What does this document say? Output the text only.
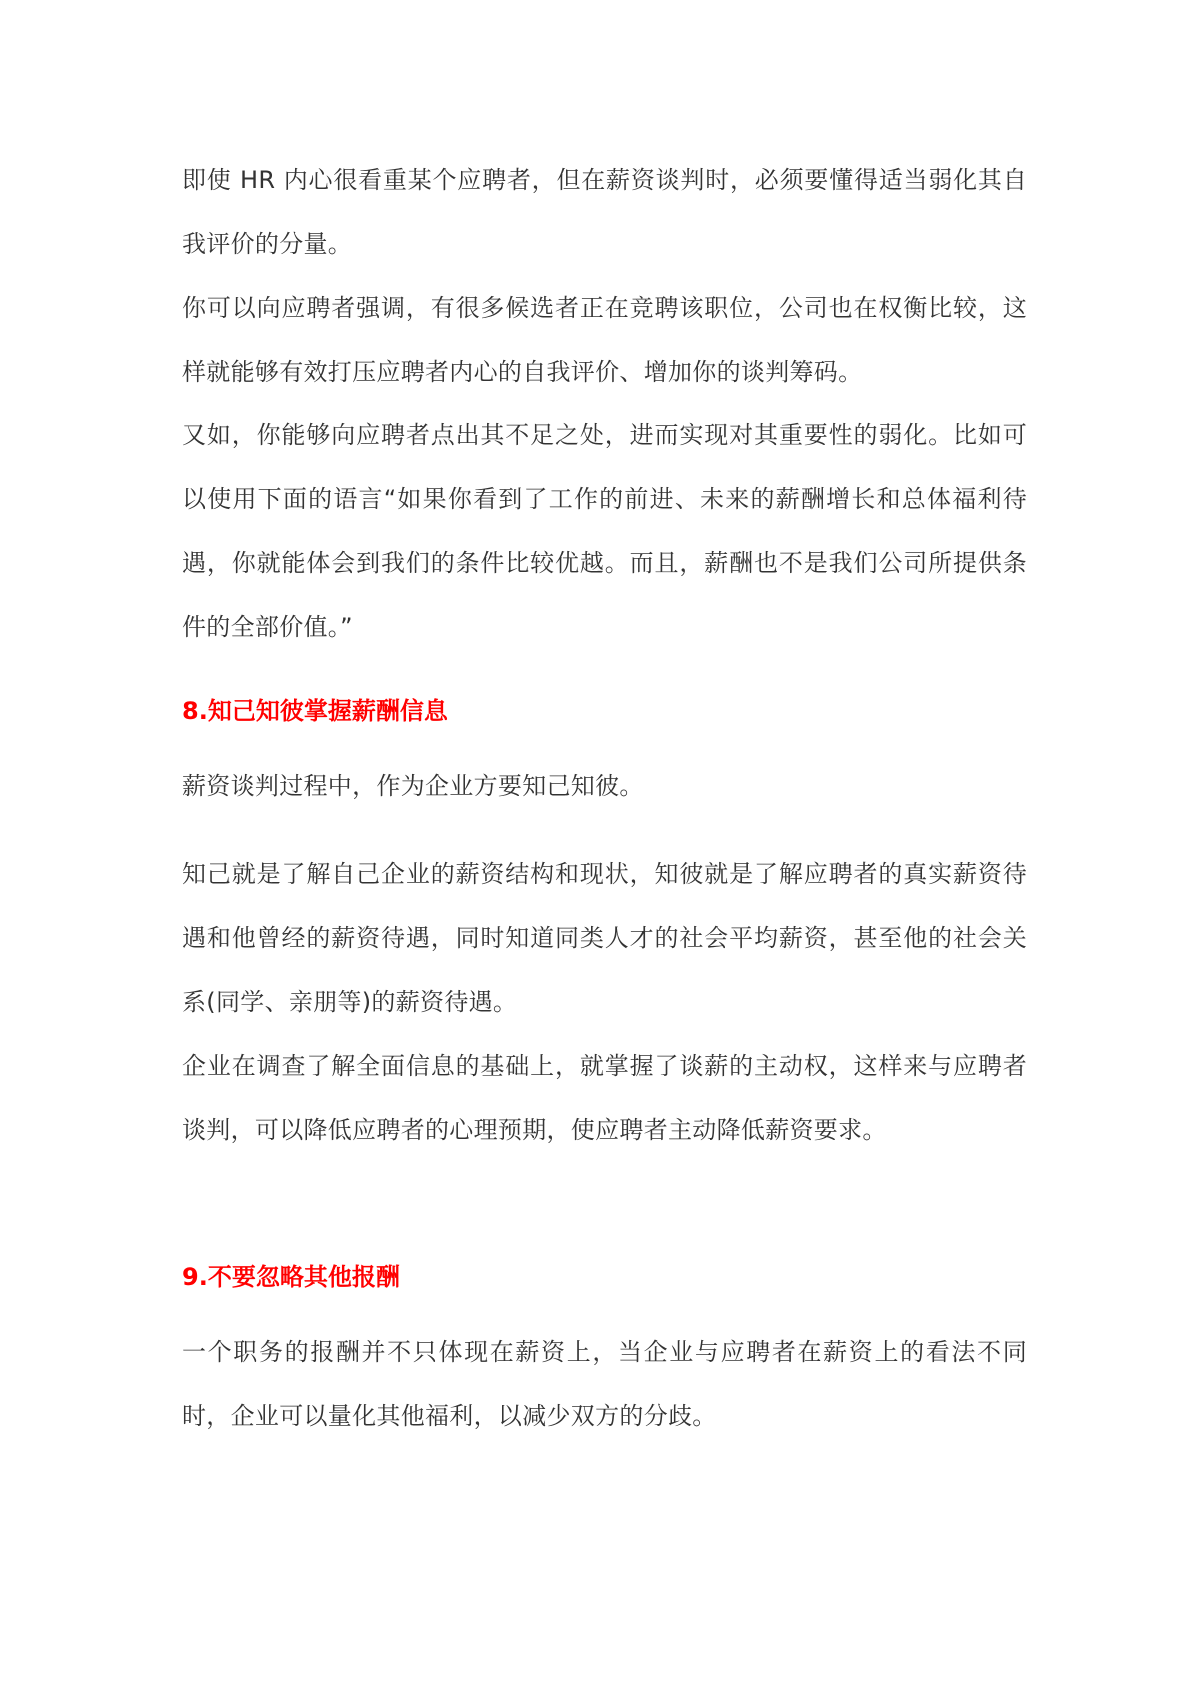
即使 HR 内心很看重某个应聘者，但在薪资谈判时，必须要懂得适当弱化其自我评价的分量。

你可以向应聘者强调，有很多候选者正在竞聘该职位，公司也在权衡比较，这样就能够有效打压应聘者内心的自我评价、增加你的谈判筹码。

又如，你能够向应聘者点出其不足之处，进而实现对其重要性的弱化。比如可以使用下面的语言“如果你看到了工作的前进、未来的薪酬增长和总体福利待遇，你就能体会到我们的条件比较优越。而且，薪酬也不是我们公司所提供条件的全部价值。”

8.知己知彼掌握薪酬信息

薪资谈判过程中，作为企业方要知己知彼。

知己就是了解自己企业的薪资结构和现状，知彼就是了解应聘者的真实薪资待遇和他曾经的薪资待遇，同时知道同类人才的社会平均薪资，甚至他的社会关系(同学、亲朋等)的薪资待遇。

企业在调查了解全面信息的基础上，就掌握了谈薪的主动权，这样来与应聘者谈判，可以降低应聘者的心理预期，使应聘者主动降低薪资要求。

9.不要忽略其他报酬

一个职务的报酬并不只体现在薪资上，当企业与应聘者在薪资上的看法不同时，企业可以量化其他福利，以减少双方的分歧。
